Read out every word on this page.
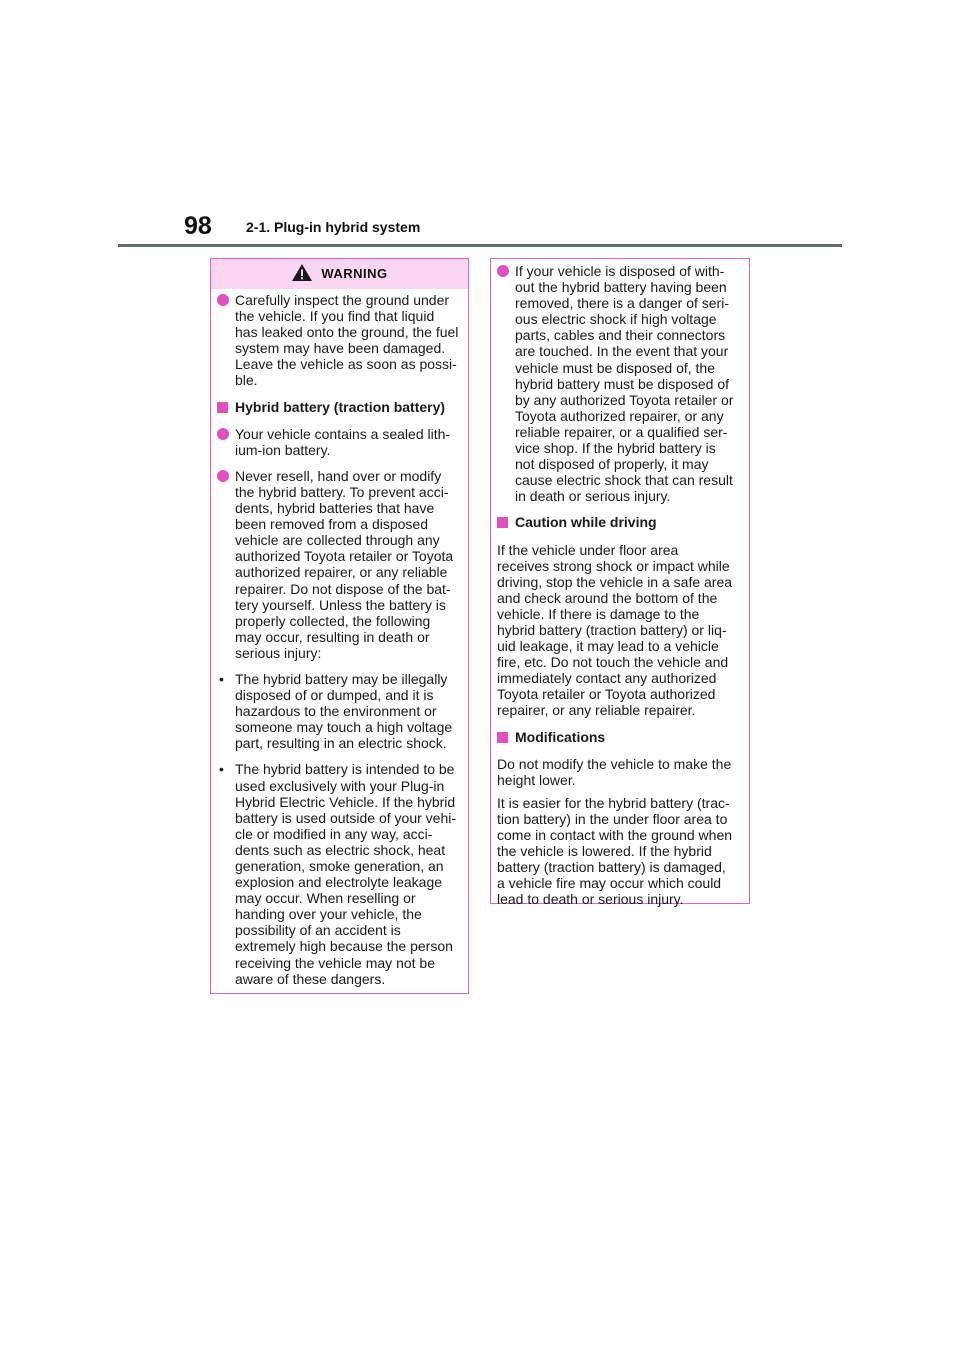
98 2-1. Plug-in hybrid system
WARNING
Carefully inspect the ground under
the vehicle. If you find that liquid
has leaked onto the ground, the fuel
system may have been damaged.
Leave the vehicle as soon as possi-
ble.
Hybrid battery (traction battery)
Your vehicle contains a sealed lith-
ium-ion battery.
Never resell, hand over or modify
the hybrid battery. To prevent acci-
dents, hybrid batteries that have
been removed from a disposed
vehicle are collected through any
authorized Toyota retailer or Toyota
authorized repairer, or any reliable
repairer. Do not dispose of the bat-
tery yourself. Unless the battery is
properly collected, the following
may occur, resulting in death or
serious injury:
• The hybrid battery may be illegally disposed of or dumped, and it is hazardous to the environment or someone may touch a high voltage part, resulting in an electric shock.
• The hybrid battery is intended to be used exclusively with your Plug-in Hybrid Electric Vehicle. If the hybrid battery is used outside of your vehi- cle or modified in any way, acci- dents such as electric shock, heat generation, smoke generation, an explosion and electrolyte leakage may occur. When reselling or handing over your vehicle, the possibility of an accident is extremely high because the person receiving the vehicle may not be aware of these dangers.
If your vehicle is disposed of with-
out the hybrid battery having been
removed, there is a danger of seri-
ous electric shock if high voltage
parts, cables and their connectors
are touched. In the event that your
vehicle must be disposed of, the
hybrid battery must be disposed of
by any authorized Toyota retailer or
Toyota authorized repairer, or any
reliable repairer, or a qualified ser-
vice shop. If the hybrid battery is
not disposed of properly, it may
cause electric shock that can result
in death or serious injury.
Caution while driving
If the vehicle under floor area
receives strong shock or impact while
driving, stop the vehicle in a safe area
and check around the bottom of the
vehicle. If there is damage to the
hybrid battery (traction battery) or liq-
uid leakage, it may lead to a vehicle
fire, etc. Do not touch the vehicle and
immediately contact any authorized
Toyota retailer or Toyota authorized
repairer, or any reliable repairer.
Modifications
Do not modify the vehicle to make the
height lower.
It is easier for the hybrid battery (trac-
tion battery) in the under floor area to
come in contact with the ground when
the vehicle is lowered. If the hybrid
battery (traction battery) is damaged,
a vehicle fire may occur which could
lead to death or serious injury.
